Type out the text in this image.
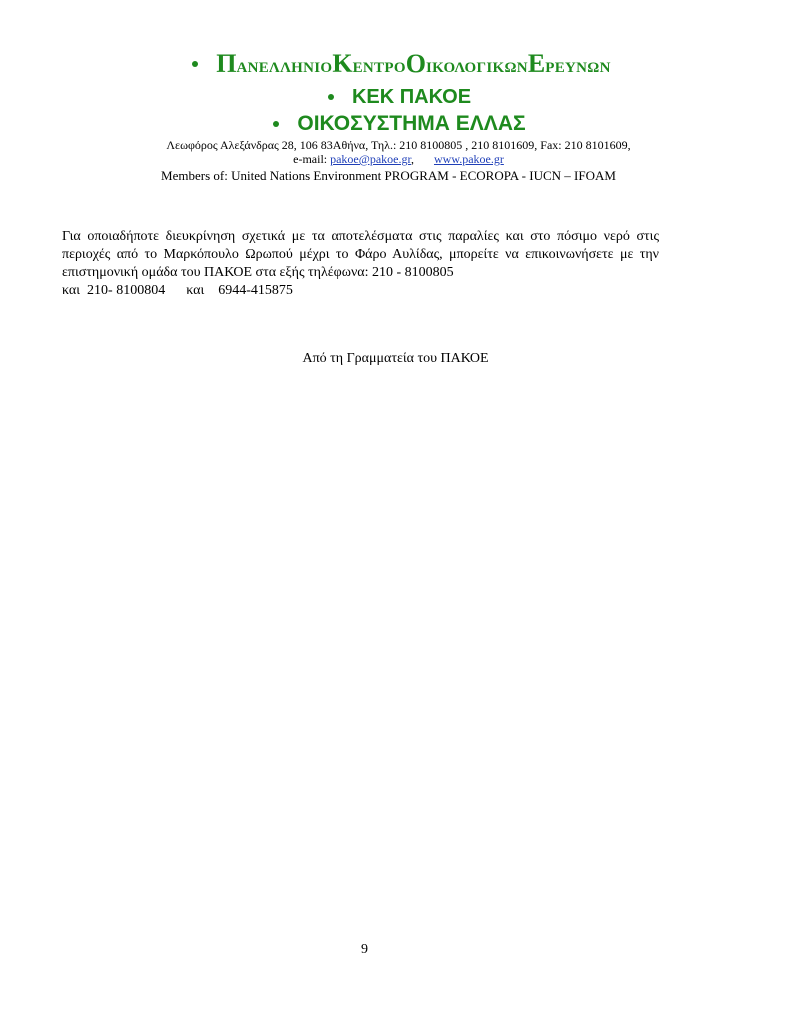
ΠΑΝΕΛΛΗΝΙΟ ΚΕΝΤΡΟ ΟΙΚΟΛΟΓΙΚΩΝ ΕΡΕΥΝΩΝ
ΚΕΚ ΠΑΚΟΕ
ΟΙΚΟΣΥΣΤΗΜΑ ΕΛΛΑΣ
Λεωφόρος Αλεξάνδρας 28, 106 83Αθήνα, Τηλ.: 210 8100805 , 210 8101609, Fax: 210 8101609,
e-mail: pakoe@pakoe.gr, www.pakoe.gr
Members of: United Nations Environment PROGRAM - ECOROPA - IUCN – IFOAM
Για οποιαδήποτε διευκρίνηση σχετικά με τα αποτελέσματα στις παραλίες και στο πόσιμο νερό στις περιοχές από το Μαρκόπουλο Ωρωπού μέχρι το Φάρο Αυλίδας, μπορείτε να επικοινωνήσετε με την επιστημονική ομάδα του ΠΑΚΟΕ στα εξής τηλέφωνα: 210 - 8100805
και  210- 8100804      και    6944-415875
Από τη Γραμματεία του ΠΑΚΟΕ
9
